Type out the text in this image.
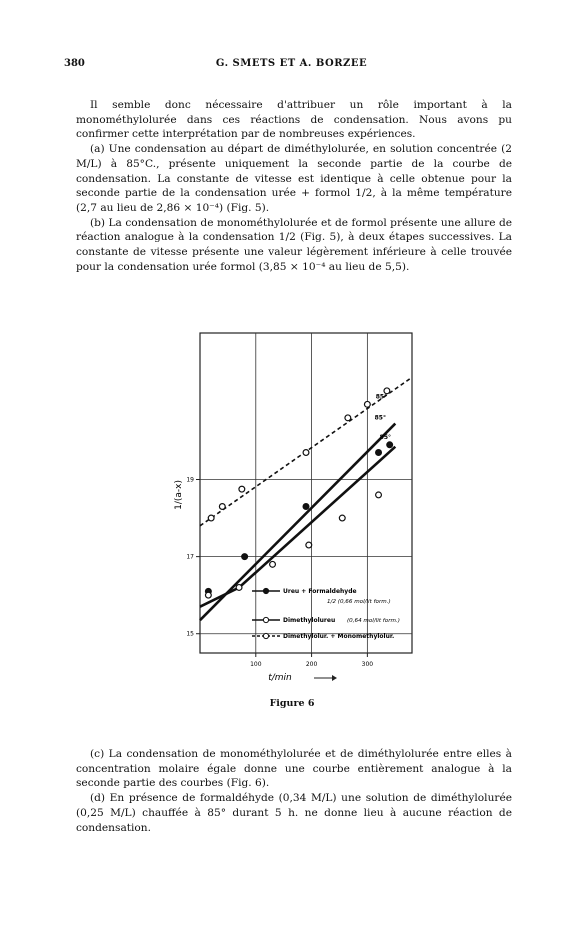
380	G. SMETS ET A. BORZEE

Il semble donc nécessaire d'attribuer un rôle important à la monométhylolurée dans ces réactions de condensation. Nous avons pu confirmer cette interprétation par de nombreuses expériences.

(a) Une condensation au départ de diméthylolurée, en solution concentrée (2 M/L) à 85°C., présente uniquement la seconde partie de la courbe de condensation. La constante de vitesse est identique à celle obtenue pour la seconde partie de la condensation urée + formol 1/2, à la même température (2,7 au lieu de 2,86 × 10⁻⁴) (Fig. 5).

(b) La condensation de monométhylolurée et de formol présente une allure de réaction analogue à la condensation 1/2 (Fig. 5), à deux étapes successives. La constante de vitesse présente une valeur légèrement inférieure à celle trouvée pour la condensation urée formol (3,85 × 10⁻⁴ au lieu de 5,5).

100	200	300
15
17
19
t/min
1/(a-x)
85°
85°
85°
Ureu + Formaldehyde
1/2 (0,66 mol/lit form.)
Dimethylolureu (0,64 mol/lit form.)
Dimethylolur. + Monomethylolur.
Figure 6

(c) La condensation de monométhylolurée et de diméthylolurée entre elles à concentration molaire égale donne une courbe entièrement analogue à la seconde partie des courbes (Fig. 6).

(d) En présence de formaldéhyde (0,34 M/L) une solution de diméthylolurée (0,25 M/L) chauffée à 85° durant 5 h. ne donne lieu à aucune réaction de condensation.
